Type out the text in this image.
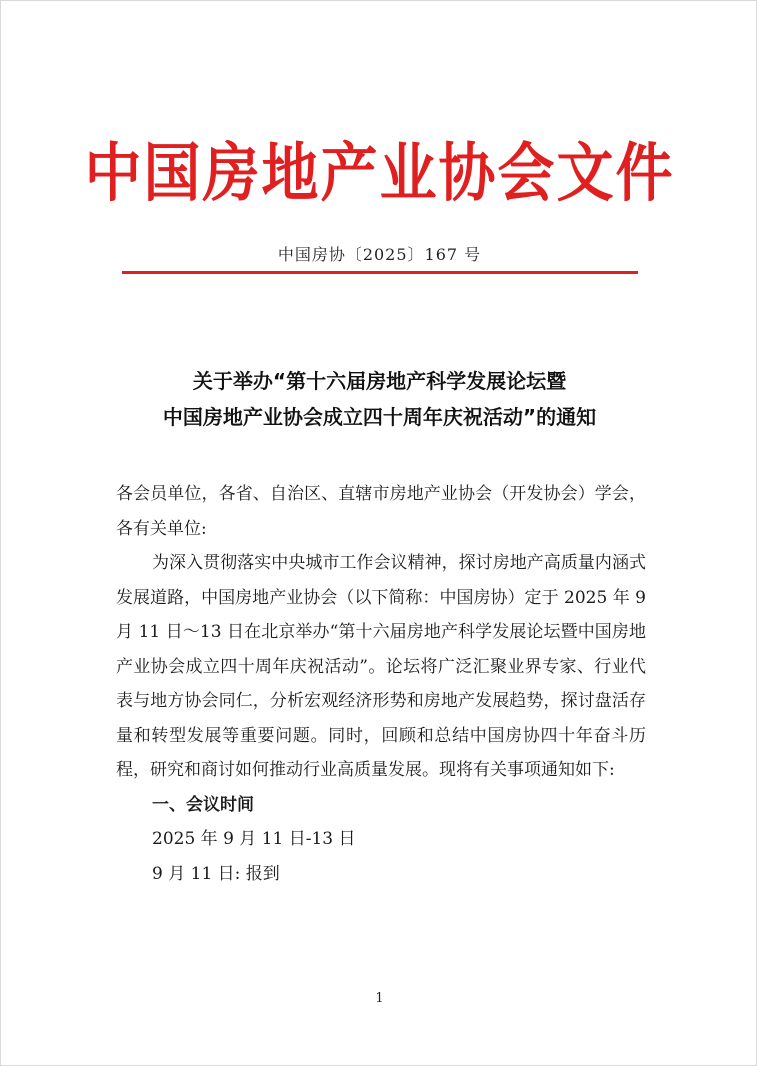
中国房地产业协会文件
中国房协〔2025〕167 号
关于举办“第十六届房地产科学发展论坛暨
中国房地产业协会成立四十周年庆祝活动”的通知

各会员单位，各省、自治区、直辖市房地产业协会（开发协会）学会，各有关单位:

为深入贯彻落实中央城市工作会议精神，探讨房地产高质量内涵式发展道路，中国房地产业协会（以下简称：中国房协）定于 2025 年 9 月 11 日～13 日在北京举办“第十六届房地产科学发展论坛暨中国房地产业协会成立四十周年庆祝活动”。论坛将广泛汇聚业界专家、行业代表与地方协会同仁，分析宏观经济形势和房地产发展趋势，探讨盘活存量和转型发展等重要问题。同时，回顾和总结中国房协四十年奋斗历程，研究和商讨如何推动行业高质量发展。现将有关事项通知如下:

一、会议时间

2025 年 9 月 11 日-13 日

9 月 11 日: 报到

1
